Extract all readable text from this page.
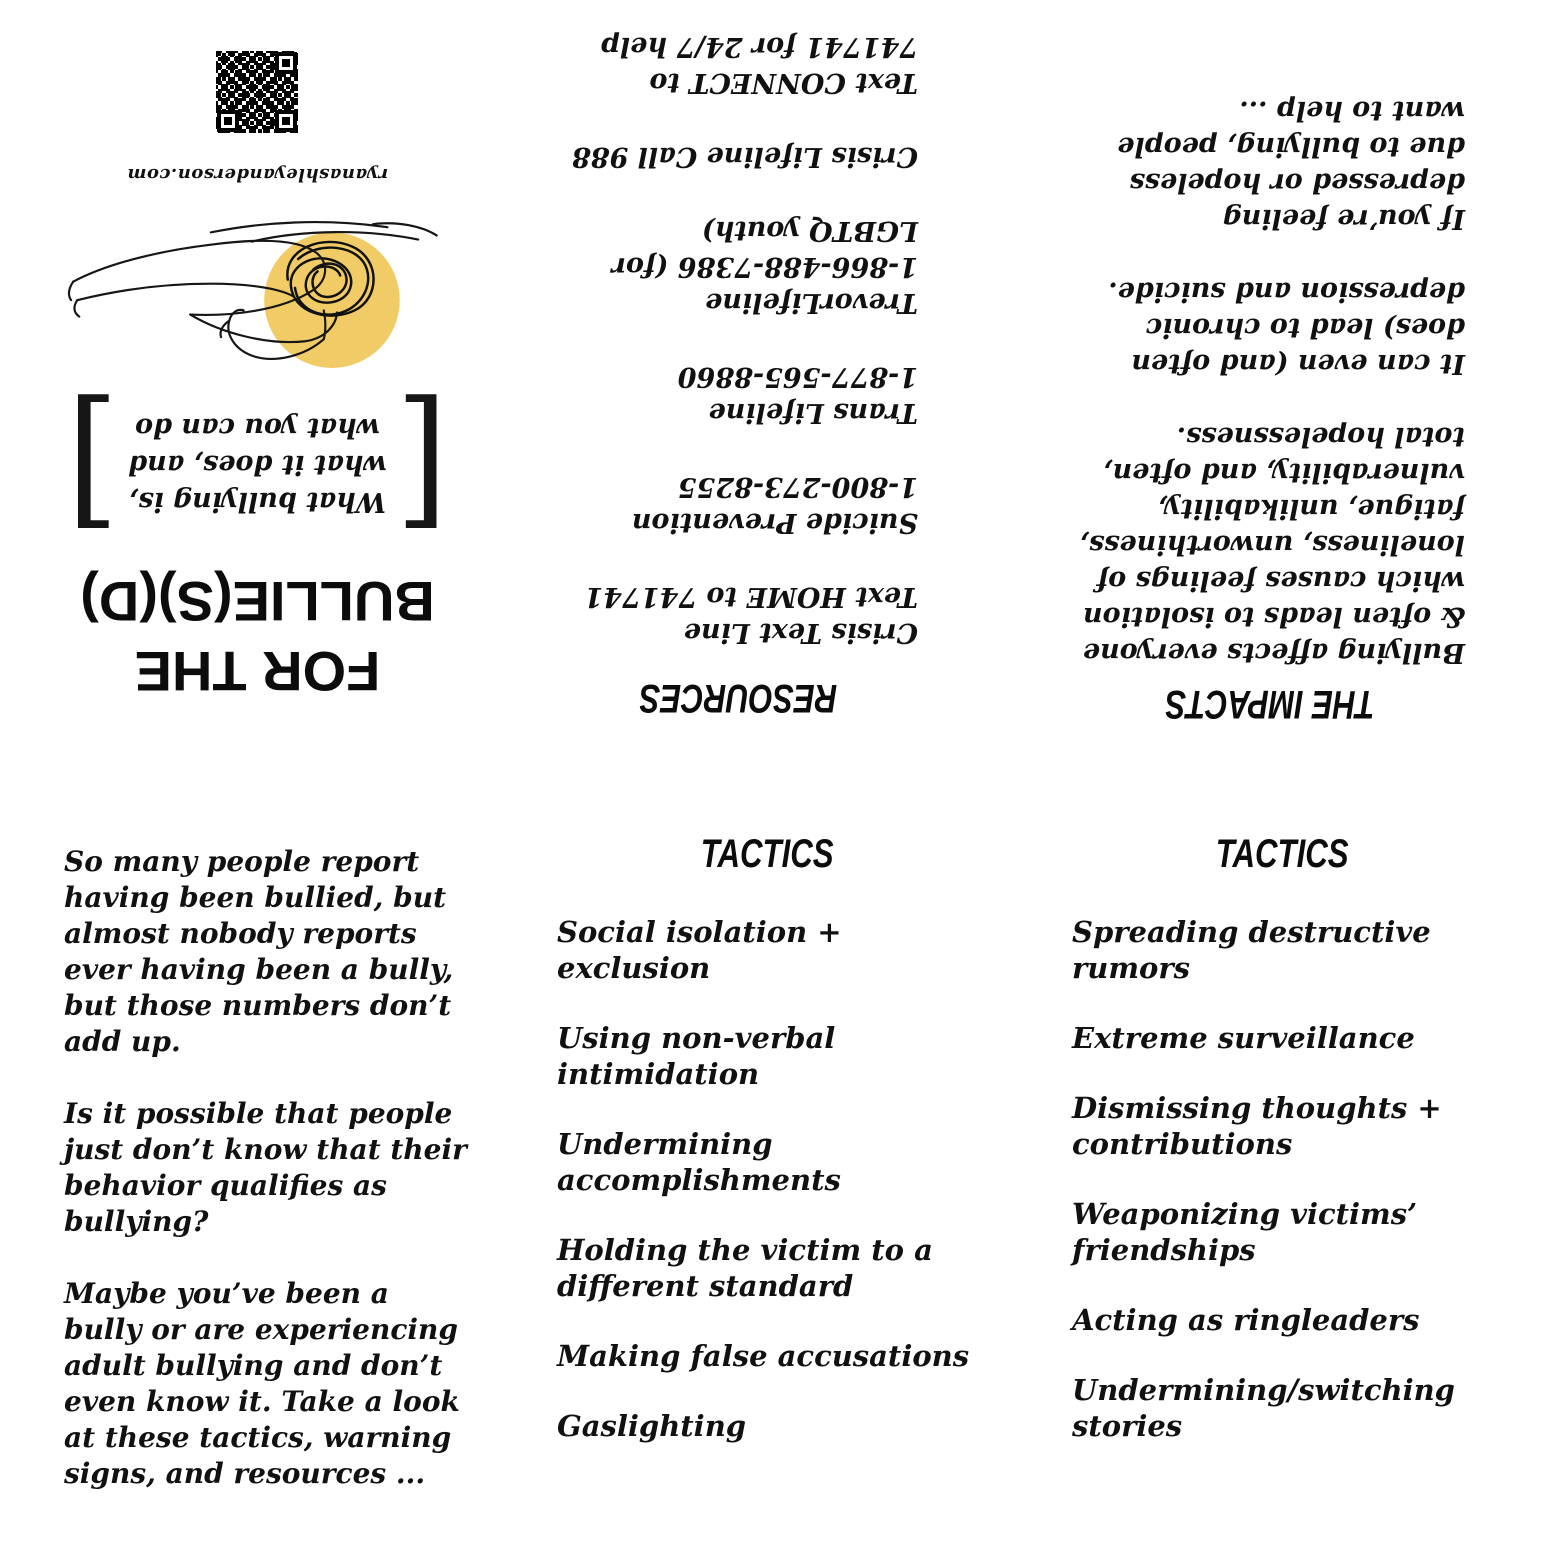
THE IMPACTS

Bullying affects everyone & often leads to isolation which causes feelings of loneliness, unworthiness, fatigue, unlikability, vulnerability, and often, total hopelessness.

It can even (and often does) lead to chronic depression and suicide.

If you’re feeling depressed or hopeless due to bullying, people want to help ...

RESOURCES
Crisis Text Line
Text HOME to 741741
Suicide Prevention
1-800-273-8255
Trans Lifeline
1-877-565-8860
TrevorLifeline
1-866-488-7386 (for
LGBTQ youth)
Crisis Lifeline Call 988
Text CONNECT to
741741 for 24/7 help
FOR THE
BULLIE(S)(D)
[
What bullying is,
what it does, and
what you can do
]
ryanashleyanderson.com

So many people report having been bullied, but almost nobody reports ever having been a bully, but those numbers don’t add up.

Is it possible that people just don’t know that their behavior qualifies as bullying?

Maybe you’ve been a bully or are experiencing adult bullying and don’t even know it. Take a look at these tactics, warning signs, and resources ...

TACTICS
Social isolation + exclusion
Using non-verbal intimidation
Undermining accomplishments
Holding the victim to a different standard
Making false accusations
Gaslighting
TACTICS
Spreading destructive rumors
Extreme surveillance
Dismissing thoughts + contributions
Weaponizing victims’ friendships
Acting as ringleaders
Undermining/switching stories
